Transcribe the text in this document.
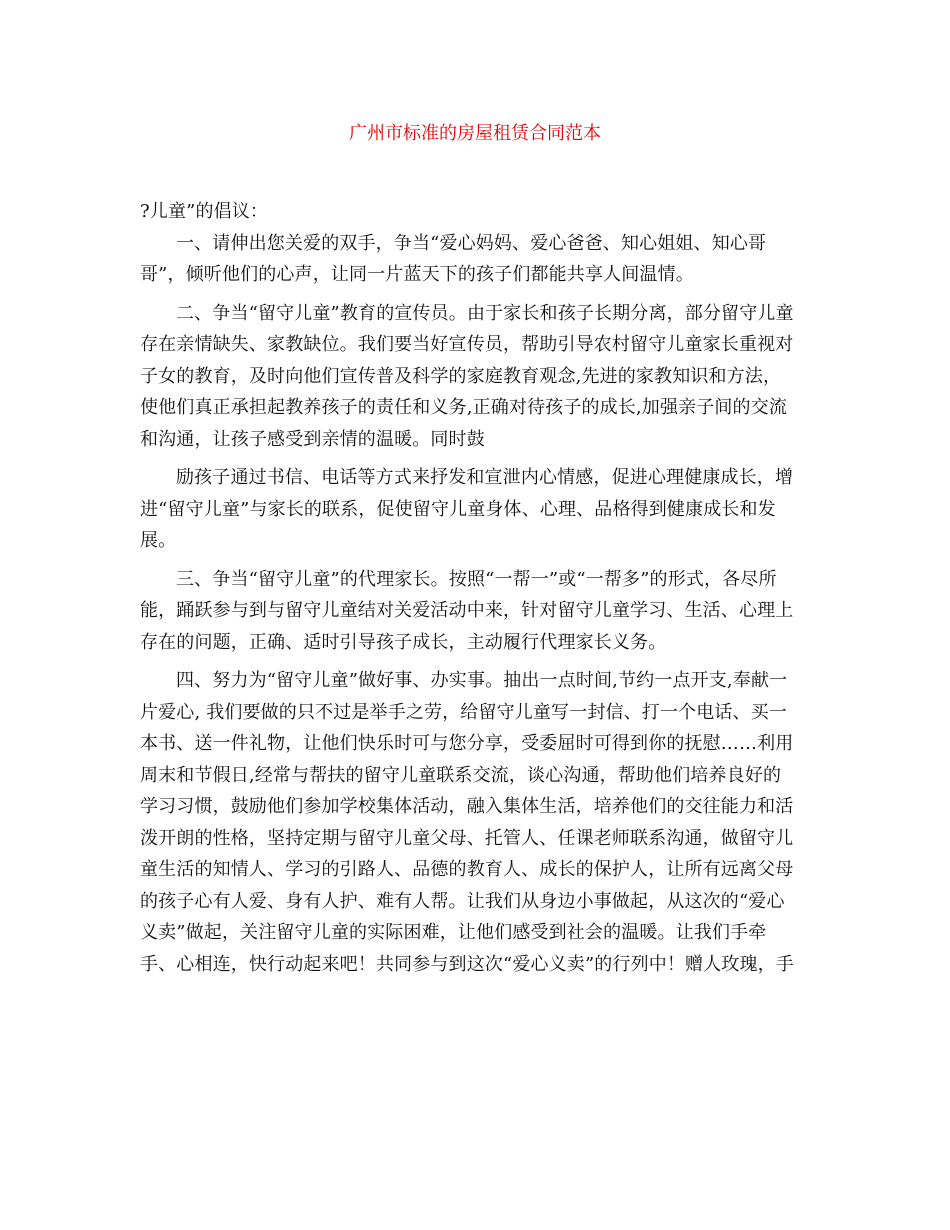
广州市标准的房屋租赁合同范本
?儿童”的倡议：
一、请伸出您关爱的双手，争当“爱心妈妈、爱心爸爸、知心姐姐、知心哥
哥”，倾听他们的心声，让同一片蓝天下的孩子们都能共享人间温情。
二、争当“留守儿童”教育的宣传员。由于家长和孩子长期分离，部分留守儿童
存在亲情缺失、家教缺位。我们要当好宣传员，帮助引导农村留守儿童家长重视对
子女的教育，及时向他们宣传普及科学的家庭教育观念,先进的家教知识和方法，
使他们真正承担起教养孩子的责任和义务,正确对待孩子的成长,加强亲子间的交流
和沟通，让孩子感受到亲情的温暖。同时鼓
励孩子通过书信、电话等方式来抒发和宣泄内心情感，促进心理健康成长，增
进“留守儿童”与家长的联系，促使留守儿童身体、心理、品格得到健康成长和发
展。
三、争当“留守儿童”的代理家长。按照“一帮一”或“一帮多”的形式，各尽所
能，踊跃参与到与留守儿童结对关爱活动中来，针对留守儿童学习、生活、心理上
存在的问题，正确、适时引导孩子成长，主动履行代理家长义务。
四、努力为“留守儿童”做好事、办实事。抽出一点时间,节约一点开支,奉献一
片爱心, 我们要做的只不过是举手之劳，给留守儿童写一封信、打一个电话、买一
本书、送一件礼物，让他们快乐时可与您分享，受委屈时可得到你的抚慰……利用
周末和节假日,经常与帮扶的留守儿童联系交流，谈心沟通，帮助他们培养良好的
学习习惯，鼓励他们参加学校集体活动，融入集体生活，培养他们的交往能力和活
泼开朗的性格，坚持定期与留守儿童父母、托管人、任课老师联系沟通，做留守儿
童生活的知情人、学习的引路人、品德的教育人、成长的保护人，让所有远离父母
的孩子心有人爱、身有人护、难有人帮。让我们从身边小事做起，从这次的“爱心
义卖”做起，关注留守儿童的实际困难，让他们感受到社会的温暖。让我们手牵
手、心相连，快行动起来吧！共同参与到这次“爱心义卖”的行列中！赠人玫瑰，手
